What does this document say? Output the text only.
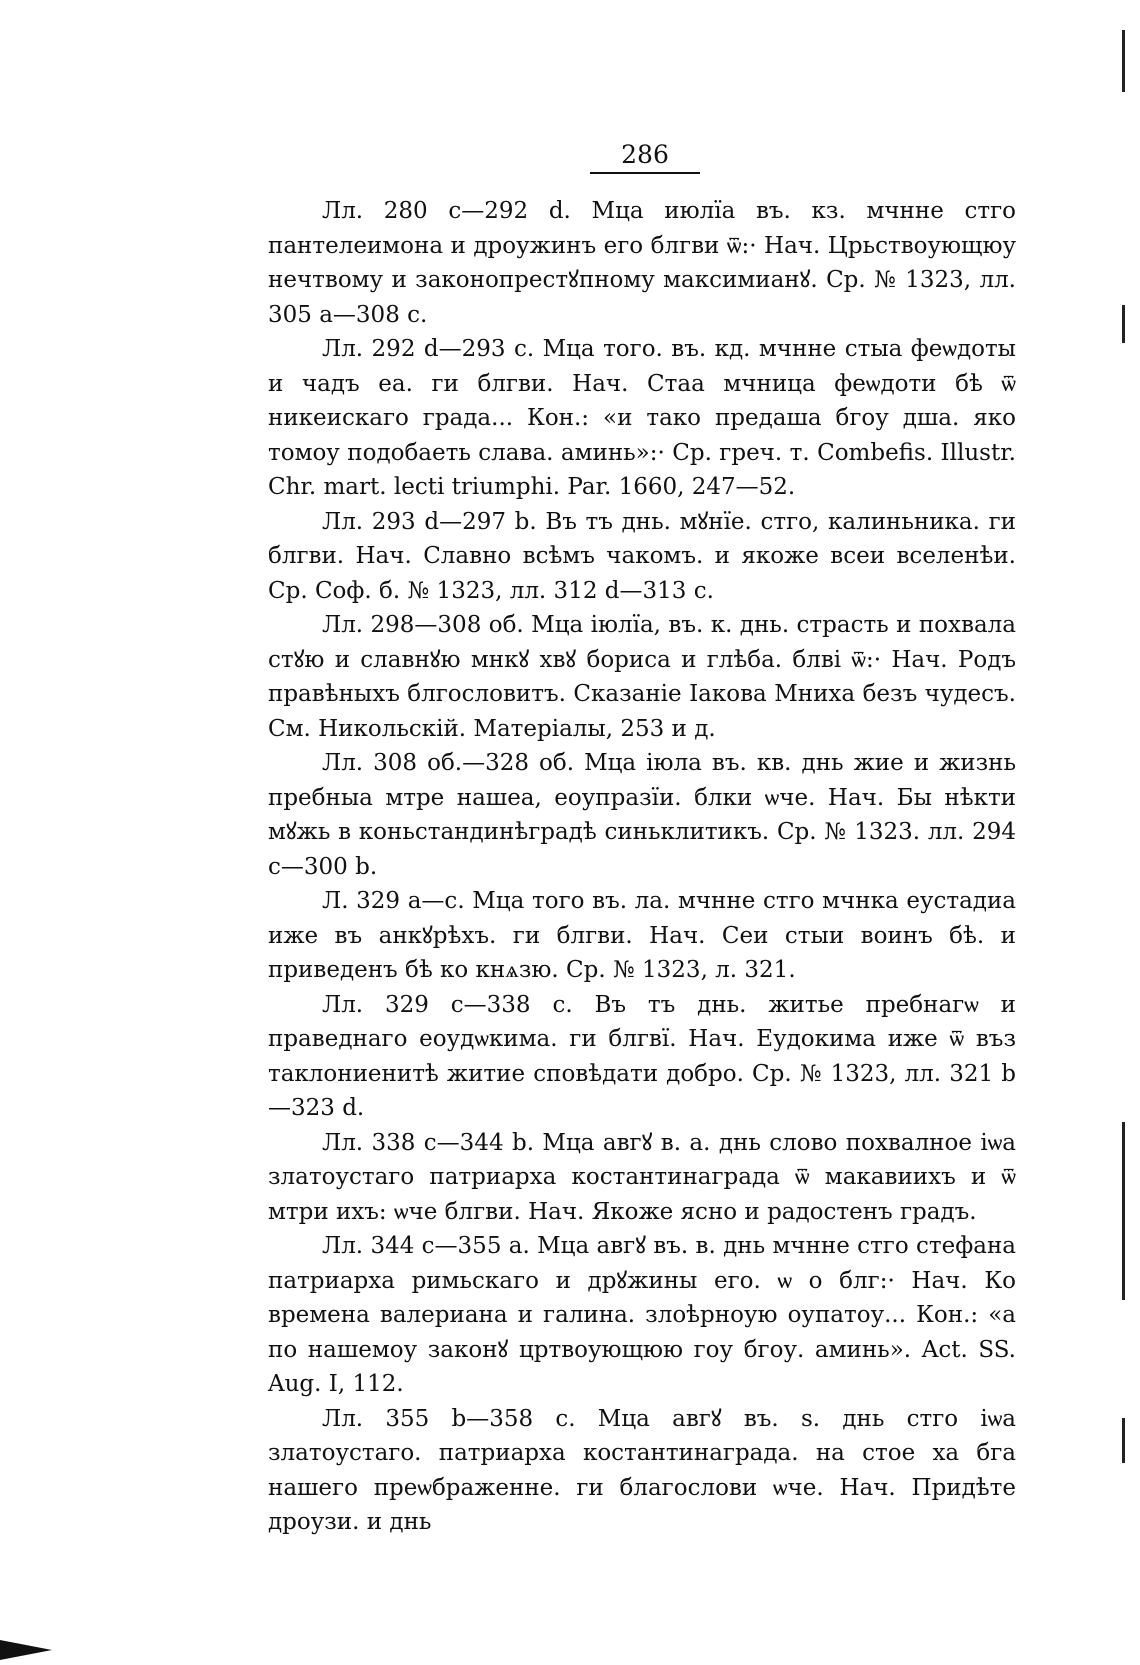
286

Лл. 280 c—292 d. Мца июлїа въ. кз. мчнне стго пантелеимона и дроужинъ его блгви ѿ:· Нач. Црьствоующюу нечтвому и законопрестꙋпному максимианꙋ. Ср. № 1323, лл. 305 a—308 c.

Лл. 292 d—293 c. Мца того. въ. кд. мчнне стыа феѡдоты и чадъ еа. ги блгви. Нач. Стаа мчница феѡдоти бѣ ѿ никеискаго града... Кон.: «и тако предаша бгоу дша. яко томоу подобаеть слава. аминь»:· Ср. греч. т. Combefis. Illustr. Chr. mart. lecti triumphi. Par. 1660, 247—52.

Лл. 293 d—297 b. Въ тъ днь. мꙋнїе. стго, калиньника. ги блгви. Нач. Славно всѣмъ чакомъ. и якоже всеи вселенѣи. Ср. Соф. б. № 1323, лл. 312 d—313 c.

Лл. 298—308 об. Мца iюлїа, въ. к. днь. страсть и похвала стꙋю и славнꙋю мнкꙋ хвꙋ бориса и глѣба. блві ѿ:· Нач. Родъ правѣныхъ блгословитъ. Сказаніе Іакова Мниха безъ чудесъ. См. Никольскій. Матеріалы, 253 и д.

Лл. 308 об.—328 об. Мца iюла въ. кв. днь жие и жизнь пребныа мтре нашеа, еоупразїи. блки ѡче. Нач. Бы нѣкти мꙋжь в коньстандинѣградѣ синьклитикъ. Ср. № 1323. лл. 294 c—300 b.

Л. 329 a—c. Мца того въ. ла. мчнне стго мчнка еустадиа иже въ анкꙋрѣхъ. ги блгви. Нач. Сеи стыи воинъ бѣ. и приведенъ бѣ ко кнѧзю. Ср. № 1323, л. 321.

Лл. 329 c—338 c. Въ тъ днь. житье пребнагѡ и праведнаго еоудѡкима. ги блгвї. Нач. Еудокима иже ѿ въз таклониенитѣ житие сповѣдати добро. Ср. № 1323, лл. 321 b—323 d.

Лл. 338 c—344 b. Мца авгꙋ в. а. днь слово похвалное iѡа златоустаго патриарха костантинаграда ѿ макавиихъ и ѿ мтри ихъ: ѡче блгви. Нач. Якоже ясно и радостенъ градъ.

Лл. 344 c—355 a. Мца авгꙋ въ. в. днь мчнне стго стефана патриарха римьскаго и дрꙋжины его. ѡ о блг:· Нач. Ко времена валериана и галина. злоѣрноую оупатоу... Кон.: «а по нашемоу законꙋ цртвоующюю гоу бгоу. аминь». Act. SS. Aug. I, 112.

Лл. 355 b—358 c. Мца авгꙋ въ. s. днь стго iѡа златоустаго. патриарха костантинаграда. на стое ха бга нашего преѡбраженне. ги благослови ѡче. Нач. Придѣте дроузи. и днь
